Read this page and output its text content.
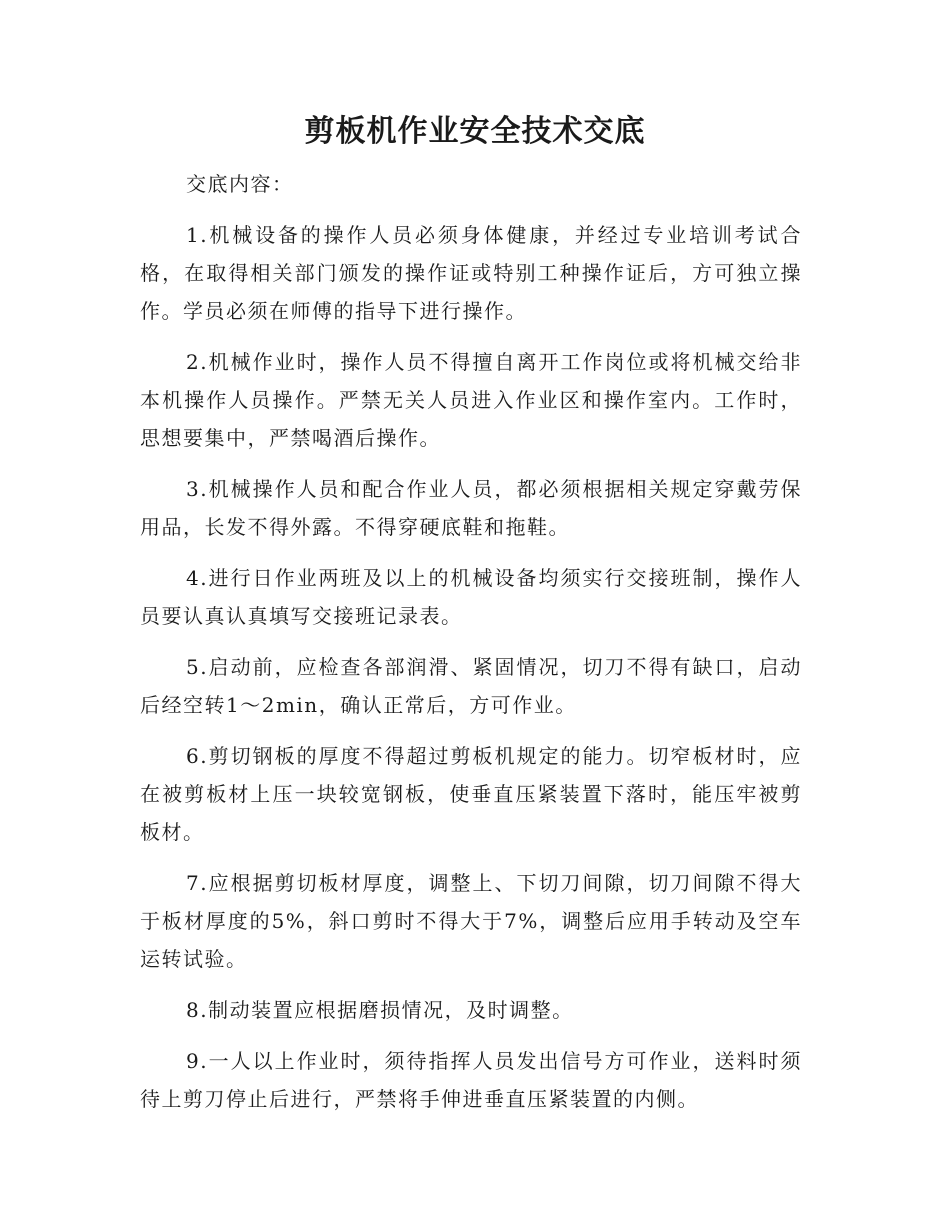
剪板机作业安全技术交底

交底内容：

1.机械设备的操作人员必须身体健康，并经过专业培训考试合格，在取得相关部门颁发的操作证或特别工种操作证后，方可独立操作。学员必须在师傅的指导下进行操作。

2.机械作业时，操作人员不得擅自离开工作岗位或将机械交给非本机操作人员操作。严禁无关人员进入作业区和操作室内。工作时，思想要集中，严禁喝酒后操作。

3.机械操作人员和配合作业人员，都必须根据相关规定穿戴劳保用品，长发不得外露。不得穿硬底鞋和拖鞋。

4.进行日作业两班及以上的机械设备均须实行交接班制，操作人员要认真认真填写交接班记录表。

5.启动前，应检查各部润滑、紧固情况，切刀不得有缺口，启动后经空转1～2min，确认正常后，方可作业。

6.剪切钢板的厚度不得超过剪板机规定的能力。切窄板材时，应在被剪板材上压一块较宽钢板，使垂直压紧装置下落时，能压牢被剪板材。

7.应根据剪切板材厚度，调整上、下切刀间隙，切刀间隙不得大于板材厚度的5%，斜口剪时不得大于7%，调整后应用手转动及空车运转试验。

8.制动装置应根据磨损情况，及时调整。

9.一人以上作业时，须待指挥人员发出信号方可作业，送料时须待上剪刀停止后进行，严禁将手伸进垂直压紧装置的内侧。
